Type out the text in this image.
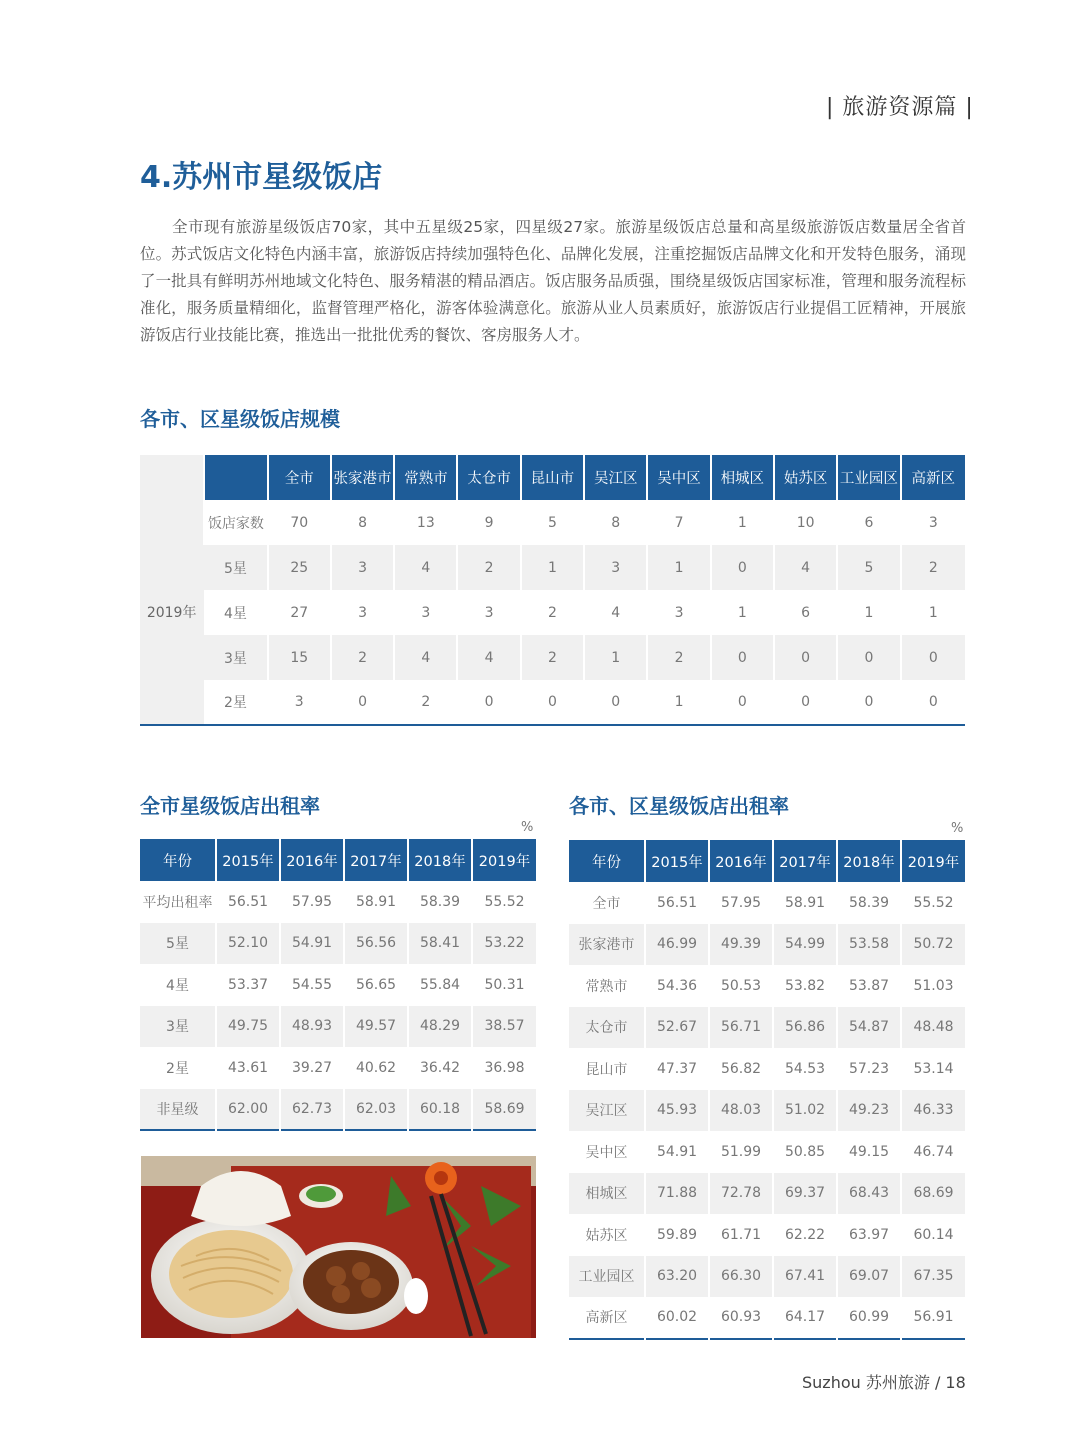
| 旅游资源篇 |
4.苏州市星级饭店

全市现有旅游星级饭店70家，其中五星级25家，四星级27家。旅游星级饭店总量和高星级旅游饭店数量居全省首位。苏式饭店文化特色内涵丰富，旅游饭店持续加强特色化、品牌化发展，注重挖掘饭店品牌文化和开发特色服务，涌现了一批具有鲜明苏州地域文化特色、服务精湛的精品酒店。饭店服务品质强，围绕星级饭店国家标准，管理和服务流程标准化，服务质量精细化，监督管理严格化，游客体验满意化。旅游从业人员素质好，旅游饭店行业提倡工匠精神，开展旅游饭店行业技能比赛，推选出一批批优秀的餐饮、客房服务人才。

各市、区星级饭店规模
		全市	张家港市	常熟市	太仓市	昆山市	吴江区	吴中区	相城区	姑苏区	工业园区	高新区
2019年	饭店家数	70	8	13	9	5	8	7	1	10	6	3
	5星	25	3	4	2	1	3	1	0	4	5	2
	4星	27	3	3	3	2	4	3	1	6	1	1
	3星	15	2	4	4	2	1	2	0	0	0	0
	2星	3	0	2	0	0	0	1	0	0	0	0
全市星级饭店出租率
%
年份	2015年	2016年	2017年	2018年	2019年
平均出租率	56.51	57.95	58.91	58.39	55.52
5星	52.10	54.91	56.56	58.41	53.22
4星	53.37	54.55	56.65	55.84	50.31
3星	49.75	48.93	49.57	48.29	38.57
2星	43.61	39.27	40.62	36.42	36.98
非星级	62.00	62.73	62.03	60.18	58.69
各市、区星级饭店出租率
%
年份	2015年	2016年	2017年	2018年	2019年
全市	56.51	57.95	58.91	58.39	55.52
张家港市	46.99	49.39	54.99	53.58	50.72
常熟市	54.36	50.53	53.82	53.87	51.03
太仓市	52.67	56.71	56.86	54.87	48.48
昆山市	47.37	56.82	54.53	57.23	53.14
吴江区	45.93	48.03	51.02	49.23	46.33
吴中区	54.91	51.99	50.85	49.15	46.74
相城区	71.88	72.78	69.37	68.43	68.69
姑苏区	59.89	61.71	62.22	63.97	60.14
工业园区	63.20	66.30	67.41	69.07	67.35
高新区	60.02	60.93	64.17	60.99	56.91
Suzhou 苏州旅游 / 18
